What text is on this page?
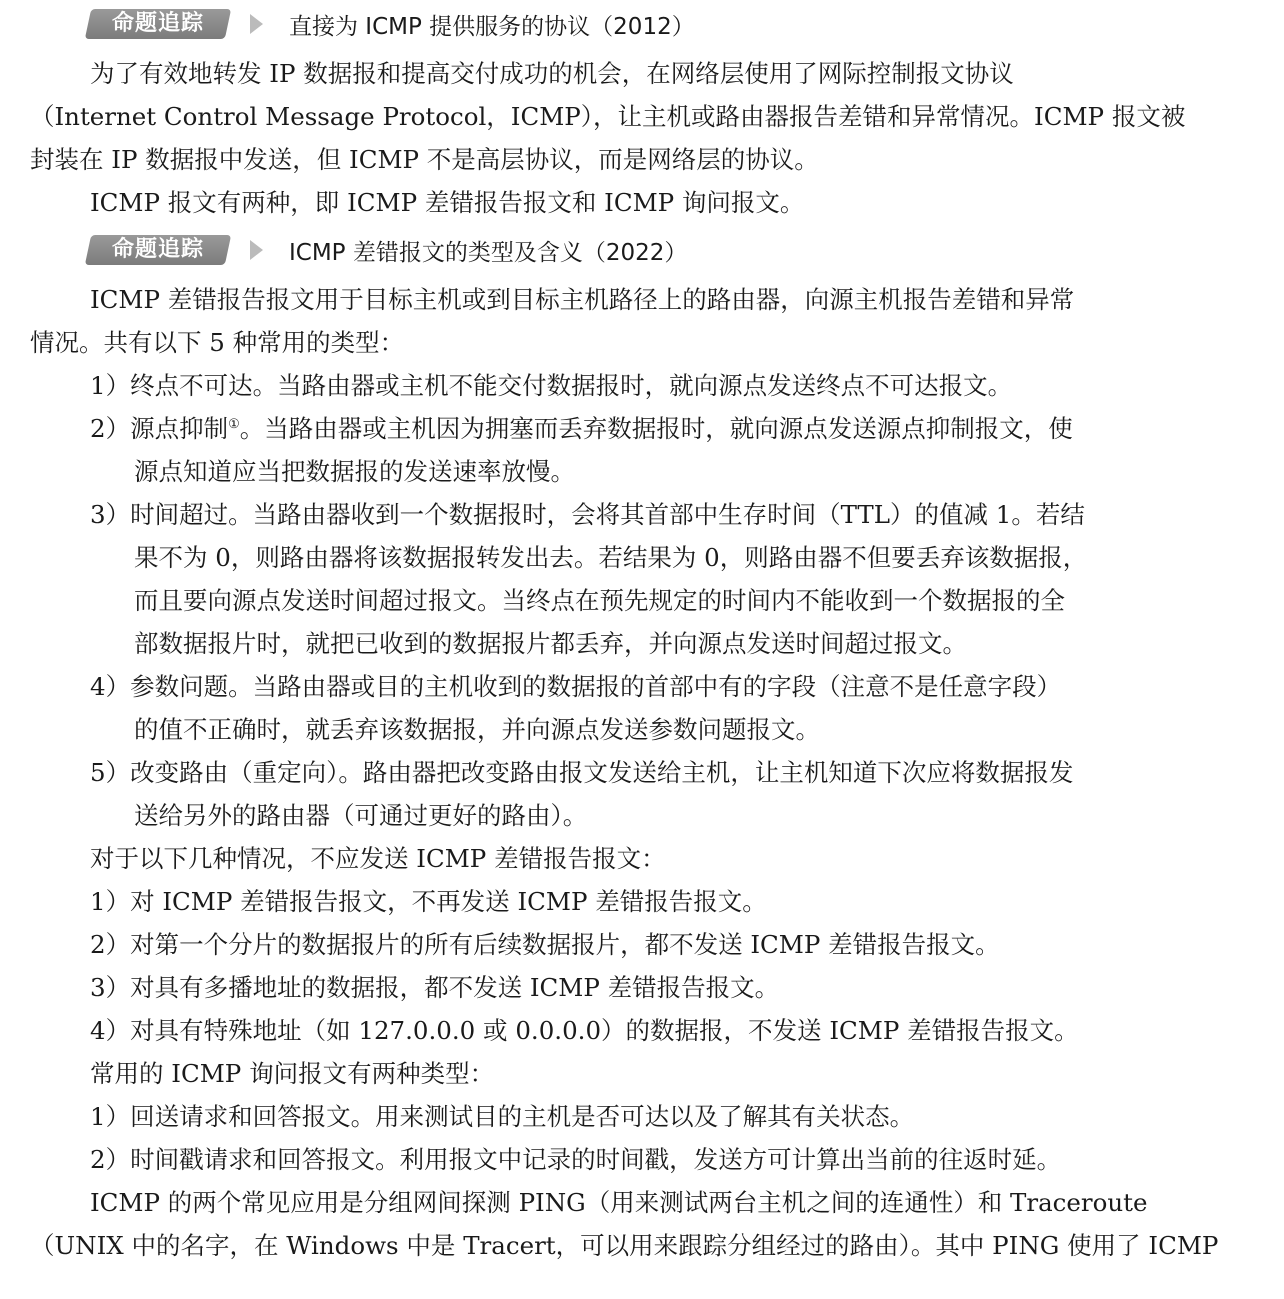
命题追踪	直接为 ICMP 提供服务的协议（2012）

为了有效地转发 IP 数据报和提高交付成功的机会，在网络层使用了网际控制报文协议

（Internet Control Message Protocol，ICMP），让主机或路由器报告差错和异常情况。ICMP 报文被

封装在 IP 数据报中发送，但 ICMP 不是高层协议，而是网络层的协议。

ICMP 报文有两种，即 ICMP 差错报告报文和 ICMP 询问报文。

命题追踪	ICMP 差错报文的类型及含义（2022）

ICMP 差错报告报文用于目标主机或到目标主机路径上的路由器，向源主机报告差错和异常

情况。共有以下 5 种常用的类型：

1）终点不可达。当路由器或主机不能交付数据报时，就向源点发送终点不可达报文。

2）源点抑制①。当路由器或主机因为拥塞而丢弃数据报时，就向源点发送源点抑制报文，使

源点知道应当把数据报的发送速率放慢。

3）时间超过。当路由器收到一个数据报时，会将其首部中生存时间（TTL）的值减 1。若结

果不为 0，则路由器将该数据报转发出去。若结果为 0，则路由器不但要丢弃该数据报，

而且要向源点发送时间超过报文。当终点在预先规定的时间内不能收到一个数据报的全

部数据报片时，就把已收到的数据报片都丢弃，并向源点发送时间超过报文。

4）参数问题。当路由器或目的主机收到的数据报的首部中有的字段（注意不是任意字段）

的值不正确时，就丢弃该数据报，并向源点发送参数问题报文。

5）改变路由（重定向）。路由器把改变路由报文发送给主机，让主机知道下次应将数据报发

送给另外的路由器（可通过更好的路由）。

对于以下几种情况，不应发送 ICMP 差错报告报文：

1）对 ICMP 差错报告报文，不再发送 ICMP 差错报告报文。

2）对第一个分片的数据报片的所有后续数据报片，都不发送 ICMP 差错报告报文。

3）对具有多播地址的数据报，都不发送 ICMP 差错报告报文。

4）对具有特殊地址（如 127.0.0.0 或 0.0.0.0）的数据报，不发送 ICMP 差错报告报文。

常用的 ICMP 询问报文有两种类型：

1）回送请求和回答报文。用来测试目的主机是否可达以及了解其有关状态。

2）时间戳请求和回答报文。利用报文中记录的时间戳，发送方可计算出当前的往返时延。

ICMP 的两个常见应用是分组网间探测 PING（用来测试两台主机之间的连通性）和 Traceroute

（UNIX 中的名字，在 Windows 中是 Tracert，可以用来跟踪分组经过的路由）。其中 PING 使用了 ICMP
